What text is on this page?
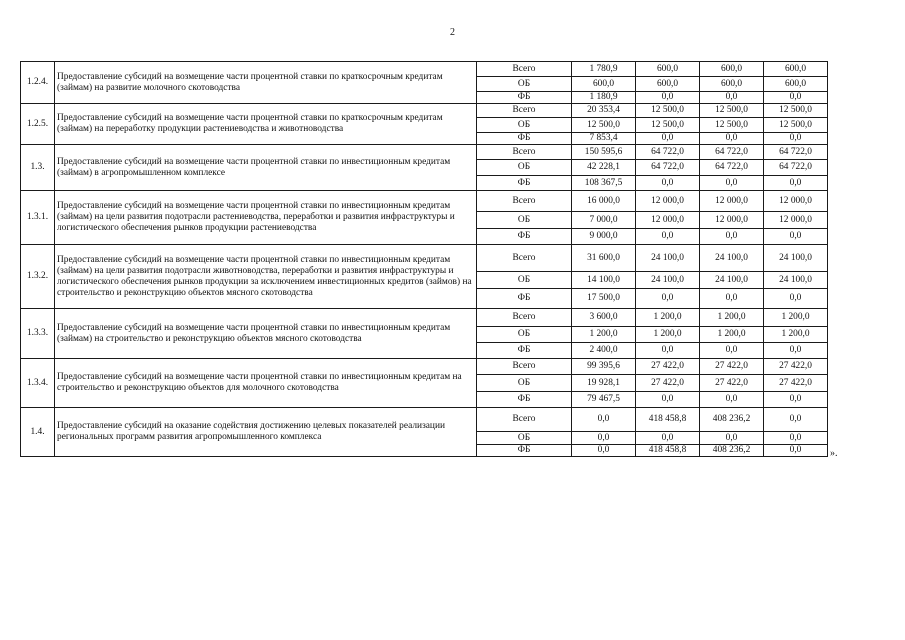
2
1.2.4.	Предоставление субсидий на возмещение части процентной ставки по краткосрочным кредитам (займам) на развитие молочного скотоводства	Всего	1 780,9	600,0	600,0	600,0
		ОБ	600,0	600,0	600,0	600,0
		ФБ	1 180,9	0,0	0,0	0,0
1.2.5.	Предоставление субсидий на возмещение части процентной ставки по краткосрочным кредитам (займам) на переработку продукции растениеводства и животноводства	Всего	20 353,4	12 500,0	12 500,0	12 500,0
		ОБ	12 500,0	12 500,0	12 500,0	12 500,0
		ФБ	7 853,4	0,0	0,0	0,0
1.3.	Предоставление субсидий на возмещение части процентной ставки по инвестиционным кредитам (займам) в агропромышленном комплексе	Всего	150 595,6	64 722,0	64 722,0	64 722,0
		ОБ	42 228,1	64 722,0	64 722,0	64 722,0
		ФБ	108 367,5	0,0	0,0	0,0
1.3.1.	Предоставление субсидий на возмещение части процентной ставки по инвестиционным кредитам (займам) на цели развития подотрасли растениеводства, переработки и развития инфраструктуры и логистического обеспечения рынков продукции растениеводства	Всего	16 000,0	12 000,0	12 000,0	12 000,0
		ОБ	7 000,0	12 000,0	12 000,0	12 000,0
		ФБ	9 000,0	0,0	0,0	0,0
1.3.2.	Предоставление субсидий на возмещение части процентной ставки по инвестиционным кредитам (займам) на цели развития подотрасли животноводства, переработки и развития инфраструктуры и логистического обеспечения рынков продукции за исключением инвестиционных кредитов (займов) на строительство и реконструкцию объектов мясного скотоводства	Всего	31 600,0	24 100,0	24 100,0	24 100,0
		ОБ	14 100,0	24 100,0	24 100,0	24 100,0
		ФБ	17 500,0	0,0	0,0	0,0
1.3.3.	Предоставление субсидий на возмещение части процентной ставки по инвестиционным кредитам (займам) на строительство и реконструкцию объектов мясного скотоводства	Всего	3 600,0	1 200,0	1 200,0	1 200,0
		ОБ	1 200,0	1 200,0	1 200,0	1 200,0
		ФБ	2 400,0	0,0	0,0	0,0
1.3.4.	Предоставление субсидий на возмещение части процентной ставки по инвестиционным кредитам на строительство и реконструкцию объектов для молочного скотоводства	Всего	99 395,6	27 422,0	27 422,0	27 422,0
		ОБ	19 928,1	27 422,0	27 422,0	27 422,0
		ФБ	79 467,5	0,0	0,0	0,0
1.4.	Предоставление субсидий на оказание содействия достижению целевых показателей реализации региональных программ развития агропромышленного комплекса	Всего	0,0	418 458,8	408 236,2	0,0
		ОБ	0,0	0,0	0,0	0,0
		ФБ	0,0	418 458,8	408 236,2	0,0	».
